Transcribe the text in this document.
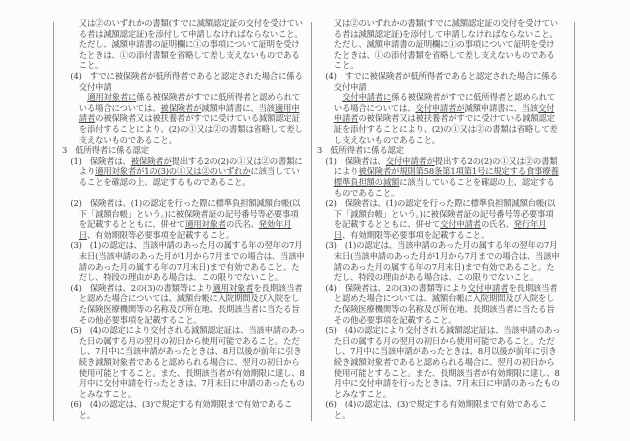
又は②のいずれかの書類(すでに減額認定証の交付を受けてい
る者は減額認定証)を添付して申請しなければならないこと。
ただし、減額申請書の証明欄に①の事項について証明を受け
たときは、①の添付書類を省略して差し支えないものである
こと。
(4)　すでに被保険者が低所得者であると認定された場合に係る
交付申請
適用対象者に係る被保険者がすでに低所得者と認められて
いる場合については、被保険者が減額申請書に、当該適用申
請者の被保険者又は被扶養者がすでに受けている減額認定証
を添付することにより、(2)の①又は②の書類は省略して差し
支えないものであること。
3　低所得者に係る認定
(1)　保険者は、被保険者が提出する2の(2)の①又は②の書類に
より適用対象者が1の(3)の①又は②のいずれかに該当してい
ることを確認の上、認定するものであること。

(2)　保険者は、(1)の認定を行った際に標準負担額減額台帳(以
下「減額台帳」という。)に被保険者証の記号番号等必要事項
を記載するとともに、併せて適用対象者の氏名、発効年月
日、有効期限等必要事項を記載すること。
(3)　(1)の認定は、当該申請のあった月の属する年の翌年の7月
末日(当該申請のあった月が1月から7月までの場合は、当該申
請のあった月の属する年の7月末日)まで有効であること。た
だし、特段の理由がある場合は、この限りでないこと。
(4)　保険者は、2の(3)の書類等により適用対象者を長期該当者
と認めた場合については、減額台帳に入院期間及び入院をし
た保険医療機関等の名称及び所在地、長期該当者に当たる旨
その他必要事項を記載すること。
(5)　(4)の認定により交付される減額認定証は、当該申請のあっ
た日の属する月の翌月の初日から使用可能であること。ただ
し、7月中に当該申請があったときは、8月以後が前年に引き
続き減額対象者であると認められる場合に、翌月の初日から
使用可能とすること。また、長期該当者が有効期限に達し、8
月中に交付申請を行ったときは、7月末日に申請のあったもの
とみなすこと。
(6)　(4)の認定は、(3)で規定する有効期限まで有効であるこ
と。
又は②のいずれかの書類(すでに減額認定証の交付を受けてい
る者は減額認定証)を添付して申請しなければならないこと。
ただし、減額申請書の証明欄に①の事項について証明を受け
たときは、①の添付書類を省略して差し支えないものである
こと。
(4)　すでに被保険者が低所得者であると認定された場合に係る
交付申請
交付申請者に係る被保険者がすでに低所得者と認められて
いる場合については、交付申請者が減額申請書に、当該交付
申請者の被保険者又は被扶養者がすでに受けている減額認定
証を添付することにより、(2)の①又は②の書類は省略して差
し支えないものであること。
3　低所得者に係る認定
(1)　保険者は、交付申請者が提出する2の(2)の①又は②の書類
により被保険者が規則第58条第1項第1号に規定する食事療養
標準負担額の減額に該当していることを確認の上、認定する
ものであること。
(2)　保険者は、(1)の認定を行った際に標準負担額減額台帳(以
下「減額台帳」という。)に被保険者証の記号番号等必要事項
を記載するとともに、併せて交付申請者の氏名、発行年月
日、有効期限等必要事項を記載すること。
(3)　(1)の認定は、当該申請のあった月の属する年の翌年の7月
末日(当該申請のあった月が1月から7月までの場合は、当該申
請のあった月の属する年の7月末日)まで有効であること。た
だし、特段の理由がある場合は、この限りでないこと。
(4)　保険者は、2の(3)の書類等により交付申請者を長期該当者
と認めた場合については、減額台帳に入院期間及び入院をし
た保険医療機関等の名称及び所在地、長期該当者に当たる旨
その他必要事項を記載すること。
(5)　(4)の認定により交付される減額認定証は、当該申請のあっ
た日の属する月の翌月の初日から使用可能であること。ただ
し、7月中に当該申請があったときは、8月以後が前年に引き
続き減額対象者であると認められる場合に、翌月の初日から
使用可能とすること。また、長期該当者が有効期限に達し、8
月中に交付申請を行ったときは、7月末日に申請のあったもの
とみなすこと。
(6)　(4)の認定は、(3)で規定する有効期限まで有効であるこ
と。
